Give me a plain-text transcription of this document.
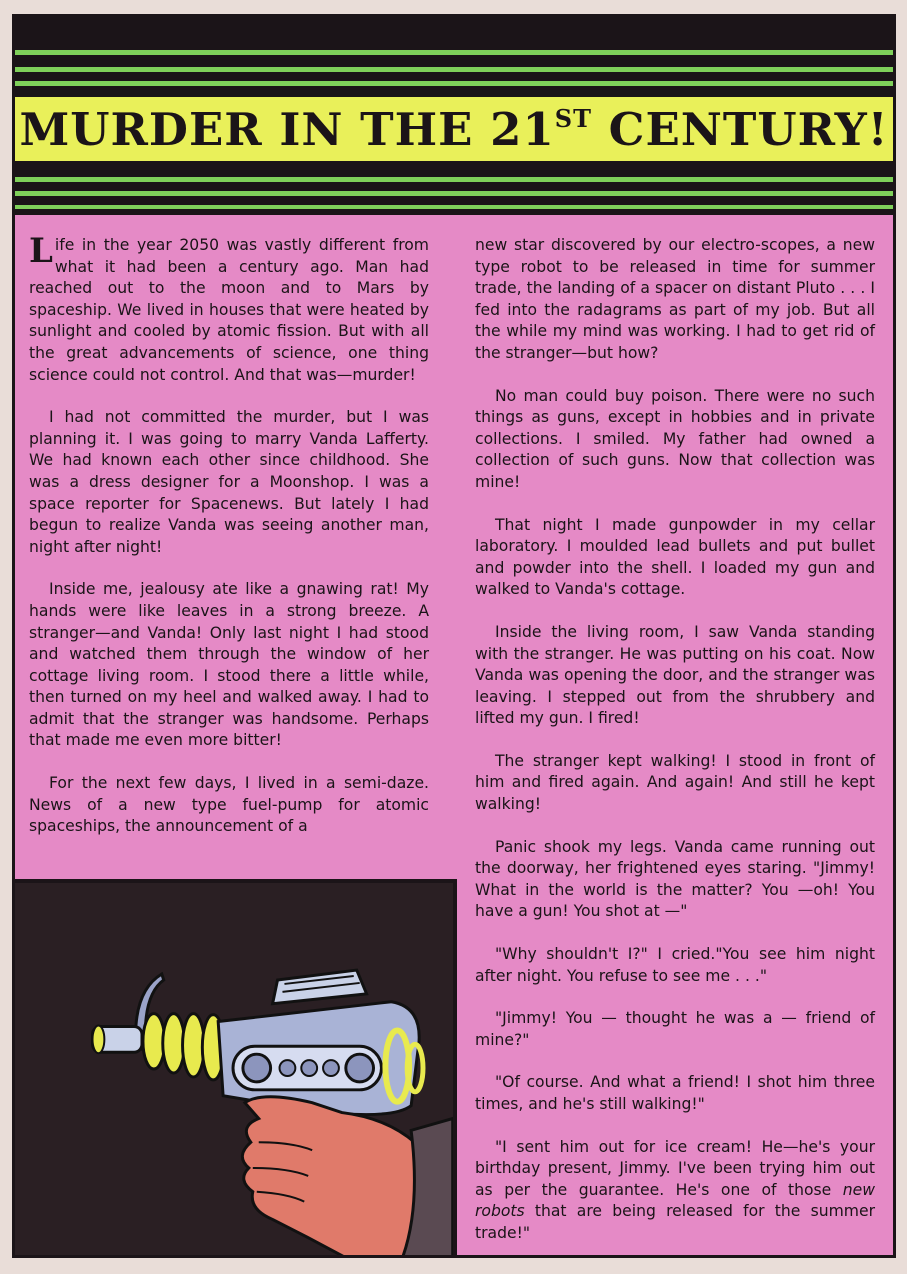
MURDER IN THE 21ST CENTURY!

Life in the year 2050 was vastly different from what it had been a century ago. Man had reached out to the moon and to Mars by spaceship. We lived in houses that were heated by sunlight and cooled by atomic fission. But with all the great advancements of science, one thing science could not control. And that was—murder!

I had not committed the murder, but I was planning it. I was going to marry Vanda Lafferty. We had known each other since childhood. She was a dress designer for a Moonshop. I was a space reporter for Spacenews. But lately I had begun to realize Vanda was seeing another man, night after night!

Inside me, jealousy ate like a gnawing rat! My hands were like leaves in a strong breeze. A stranger—and Vanda! Only last night I had stood and watched them through the window of her cottage living room. I stood there a little while, then turned on my heel and walked away. I had to admit that the stranger was handsome. Perhaps that made me even more bitter!

For the next few days, I lived in a semi-daze. News of a new type fuel-pump for atomic spaceships, the announcement of a

new star discovered by our electro-scopes, a new type robot to be released in time for summer trade, the landing of a spacer on distant Pluto . . . I fed into the radagrams as part of my job. But all the while my mind was working. I had to get rid of the stranger—but how?

No man could buy poison. There were no such things as guns, except in hobbies and in private collections. I smiled. My father had owned a collection of such guns. Now that collection was mine!

That night I made gunpowder in my cellar laboratory. I moulded lead bullets and put bullet and powder into the shell. I loaded my gun and walked to Vanda's cottage.

Inside the living room, I saw Vanda standing with the stranger. He was putting on his coat. Now Vanda was opening the door, and the stranger was leaving. I stepped out from the shrubbery and lifted my gun. I fired!

The stranger kept walking! I stood in front of him and fired again. And again! And still he kept walking!

Panic shook my legs. Vanda came running out the doorway, her frightened eyes staring. "Jimmy! What in the world is the matter? You —oh! You have a gun! You shot at —"

"Why shouldn't I?" I cried."You see him night after night. You refuse to see me . . ."

"Jimmy! You — thought he was a — friend of mine?"

"Of course. And what a friend! I shot him three times, and he's still walking!"

"I sent him out for ice cream! He—he's your birthday present, Jimmy. I've been trying him out as per the guarantee. He's one of those new robots that are being released for the summer trade!"
